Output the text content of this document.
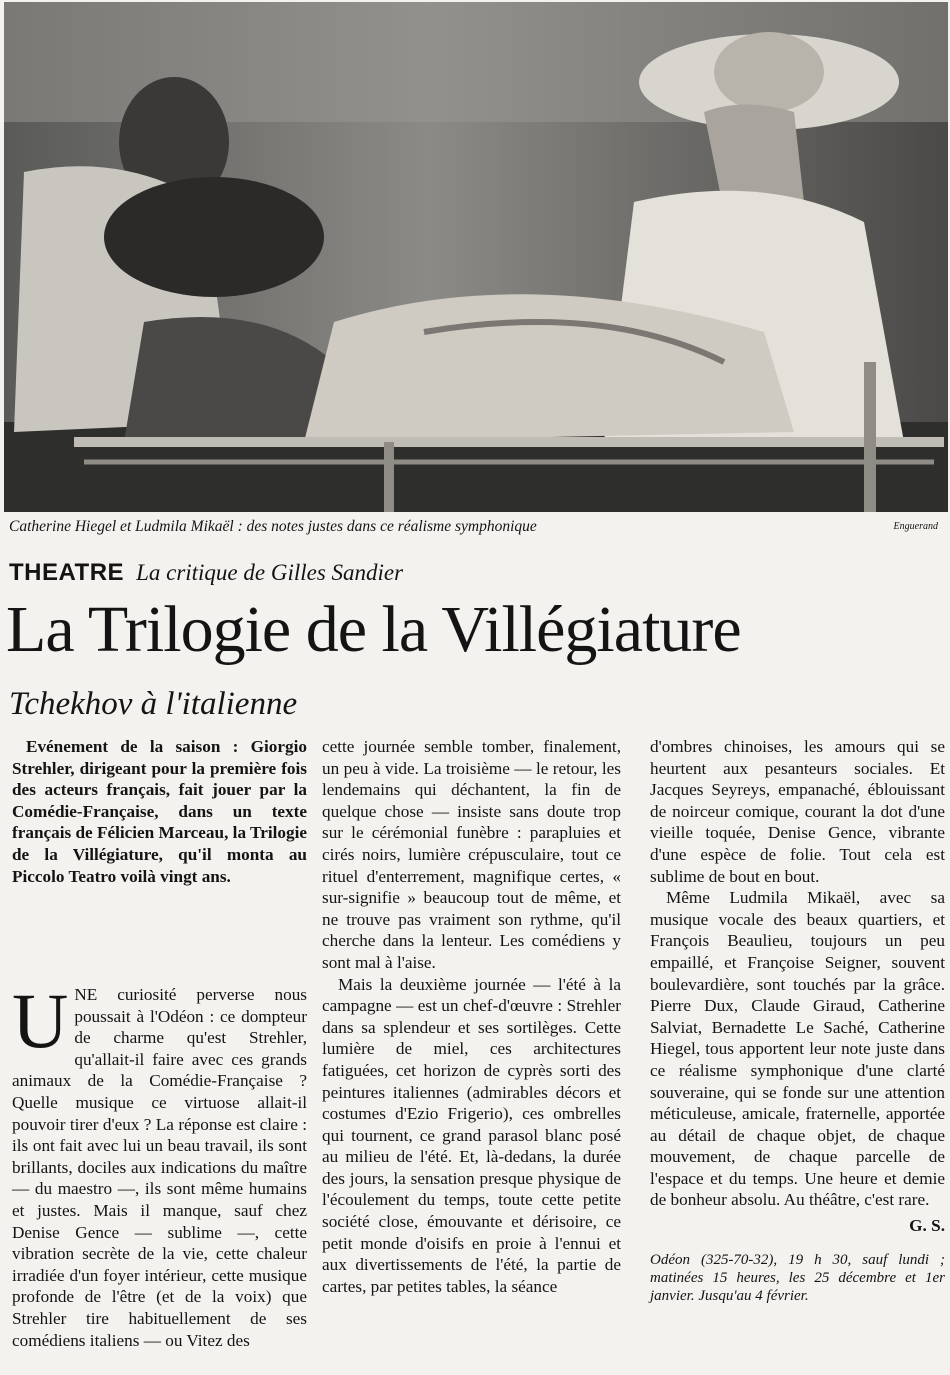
Catherine Hiegel et Ludmila Mikaël : des notes justes dans ce réalisme symphonique	Enguerand
THEATRE La critique de Gilles Sandier
La Trilogie de la Villégiature
Tchekhov à l'italienne

Evénement de la saison : Giorgio Strehler, dirigeant pour la première fois des acteurs français, fait jouer par la Comédie-Française, dans un texte français de Félicien Marceau, la Trilogie de la Villégiature, qu'il monta au Piccolo Teatro voilà vingt ans.

UNE curiosité perverse nous poussait à l'Odéon : ce dompteur de charme qu'est Strehler, qu'allait-il faire avec ces grands animaux de la Comédie-Française ? Quelle musique ce virtuose allait-il pouvoir tirer d'eux ? La réponse est claire : ils ont fait avec lui un beau travail, ils sont brillants, dociles aux indications du maître — du maestro —, ils sont même humains et justes. Mais il manque, sauf chez Denise Gence — sublime —, cette vibration secrète de la vie, cette chaleur irradiée d'un foyer intérieur, cette musique profonde de l'être (et de la voix) que Strehler tire habituellement de ses comédiens italiens — ou Vitez des

cette journée semble tomber, finalement, un peu à vide. La troisième — le retour, les lendemains qui déchantent, la fin de quelque chose — insiste sans doute trop sur le cérémonial funèbre : parapluies et cirés noirs, lumière crépusculaire, tout ce rituel d'enterrement, magnifique certes, « sur-signifie » beaucoup tout de même, et ne trouve pas vraiment son rythme, qu'il cherche dans la lenteur. Les comédiens y sont mal à l'aise.

Mais la deuxième journée — l'été à la campagne — est un chef-d'œuvre : Strehler dans sa splendeur et ses sortilèges. Cette lumière de miel, ces architectures fatiguées, cet horizon de cyprès sorti des peintures italiennes (admirables décors et costumes d'Ezio Frigerio), ces ombrelles qui tournent, ce grand parasol blanc posé au milieu de l'été. Et, là-dedans, la durée des jours, la sensation presque physique de l'écoulement du temps, toute cette petite société close, émouvante et dérisoire, ce petit monde d'oisifs en proie à l'ennui et aux divertissements de l'été, la partie de cartes, par petites tables, la séance

d'ombres chinoises, les amours qui se heurtent aux pesanteurs sociales. Et Jacques Seyreys, empanaché, éblouissant de noirceur comique, courant la dot d'une vieille toquée, Denise Gence, vibrante d'une espèce de folie. Tout cela est sublime de bout en bout.

Même Ludmila Mikaël, avec sa musique vocale des beaux quartiers, et François Beaulieu, toujours un peu empaillé, et Françoise Seigner, souvent boulevardière, sont touchés par la grâce. Pierre Dux, Claude Giraud, Catherine Salviat, Bernadette Le Saché, Catherine Hiegel, tous apportent leur note juste dans ce réalisme symphonique d'une clarté souveraine, qui se fonde sur une attention méticuleuse, amicale, fraternelle, apportée au détail de chaque objet, de chaque mouvement, de chaque parcelle de l'espace et du temps. Une heure et demie de bonheur absolu. Au théâtre, c'est rare.

G. S.

Odéon (325-70-32), 19 h 30, sauf lundi ; matinées 15 heures, les 25 décembre et 1er janvier. Jusqu'au 4 février.
